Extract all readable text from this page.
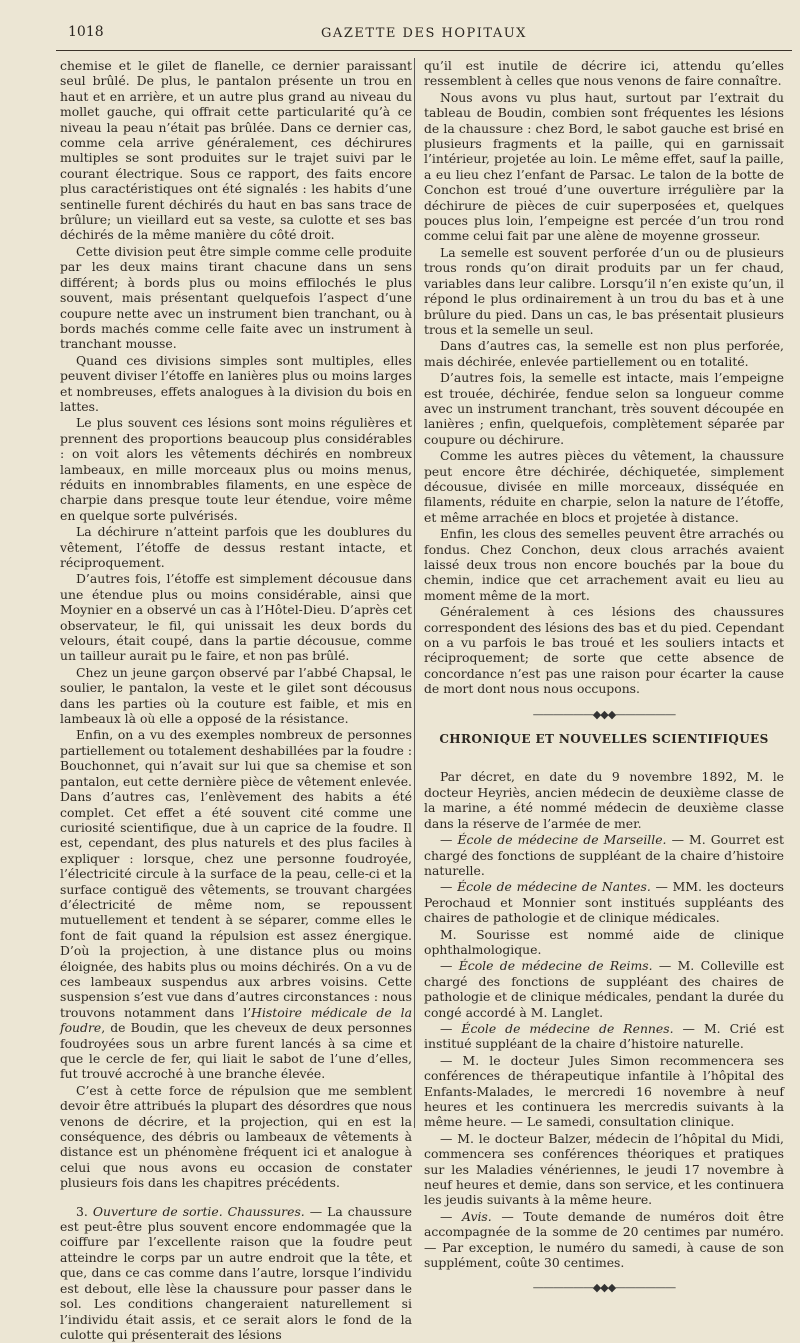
1018	GAZETTE DES HOPITAUX

chemise et le gilet de flanelle, ce dernier paraissant seul brûlé. De plus, le pantalon présente un trou en haut et en arrière, et un autre plus grand au niveau du mollet gauche, qui offrait cette particularité qu’à ce niveau la peau n’était pas brûlée. Dans ce dernier cas, comme cela arrive généralement, ces déchirures multiples se sont produites sur le trajet suivi par le courant électrique. Sous ce rapport, des faits encore plus caractéristiques ont été signalés : les habits d’une sentinelle furent déchirés du haut en bas sans trace de brûlure; un vieillard eut sa veste, sa culotte et ses bas déchirés de la même manière du côté droit.

Cette division peut être simple comme celle produite par les deux mains tirant chacune dans un sens différent; à bords plus ou moins effilochés le plus souvent, mais présentant quelquefois l’aspect d’une coupure nette avec un instrument bien tranchant, ou à bords machés comme celle faite avec un instrument à tranchant mousse.

Quand ces divisions simples sont multiples, elles peuvent diviser l’étoffe en lanières plus ou moins larges et nombreuses, effets analogues à la division du bois en lattes.

Le plus souvent ces lésions sont moins régulières et prennent des proportions beaucoup plus considérables : on voit alors les vêtements déchirés en nombreux lambeaux, en mille morceaux plus ou moins menus, réduits en innombrables filaments, en une espèce de charpie dans presque toute leur étendue, voire même en quelque sorte pulvérisés.

La déchirure n’atteint parfois que les doublures du vêtement, l’étoffe de dessus restant intacte, et réciproquement.

D’autres fois, l’étoffe est simplement décousue dans une étendue plus ou moins considérable, ainsi que Moynier en a observé un cas à l’Hôtel-Dieu. D’après cet observateur, le fil, qui unissait les deux bords du velours, était coupé, dans la partie décousue, comme un tailleur aurait pu le faire, et non pas brûlé.

Chez un jeune garçon observé par l’abbé Chapsal, le soulier, le pantalon, la veste et le gilet sont décousus dans les parties où la couture est faible, et mis en lambeaux là où elle a opposé de la résistance.

Enfin, on a vu des exemples nombreux de personnes partiellement ou totalement deshabillées par la foudre : Bouchonnet, qui n’avait sur lui que sa chemise et son pantalon, eut cette dernière pièce de vêtement enlevée. Dans d’autres cas, l’enlèvement des habits a été complet. Cet effet a été souvent cité comme une curiosité scientifique, due à un caprice de la foudre. Il est, cependant, des plus naturels et des plus faciles à expliquer : lorsque, chez une personne foudroyée, l’électricité circule à la surface de la peau, celle-ci et la surface contiguë des vêtements, se trouvant chargées d’électricité de même nom, se repoussent mutuellement et tendent à se séparer, comme elles le font de fait quand la répulsion est assez énergique. D’où la projection, à une distance plus ou moins éloignée, des habits plus ou moins déchirés. On a vu de ces lambeaux suspendus aux arbres voisins. Cette suspension s’est vue dans d’autres circonstances : nous trouvons notamment dans l’Histoire médicale de la foudre, de Boudin, que les cheveux de deux personnes foudroyées sous un arbre furent lancés à sa cime et que le cercle de fer, qui liait le sabot de l’une d’elles, fut trouvé accroché à une branche élevée.

C’est à cette force de répulsion que me semblent devoir être attribués la plupart des désordres que nous venons de décrire, et la projection, qui en est la conséquence, des débris ou lambeaux de vêtements à distance est un phénomène fréquent ici et analogue à celui que nous avons eu occasion de constater plusieurs fois dans les chapitres précédents.

3. Ouverture de sortie. Chaussures. — La chaussure est peut-être plus souvent encore endommagée que la coiffure par l’excellente raison que la foudre peut atteindre le corps par un autre endroit que la tête, et que, dans ce cas comme dans l’autre, lorsque l’individu est debout, elle lèse la chaussure pour passer dans le sol. Les conditions changeraient naturellement si l’individu était assis, et ce serait alors le fond de la culotte qui présenterait des lésions

qu’il est inutile de décrire ici, attendu qu’elles ressemblent à celles que nous venons de faire connaître.

Nous avons vu plus haut, surtout par l’extrait du tableau de Boudin, combien sont fréquentes les lésions de la chaussure : chez Bord, le sabot gauche est brisé en plusieurs fragments et la paille, qui en garnissait l’intérieur, projetée au loin. Le même effet, sauf la paille, a eu lieu chez l’enfant de Parsac. Le talon de la botte de Conchon est troué d’une ouverture irrégulière par la déchirure de pièces de cuir superposées et, quelques pouces plus loin, l’empeigne est percée d’un trou rond comme celui fait par une alène de moyenne grosseur.

La semelle est souvent perforée d’un ou de plusieurs trous ronds qu’on dirait produits par un fer chaud, variables dans leur calibre. Lorsqu’il n’en existe qu’un, il répond le plus ordinairement à un trou du bas et à une brûlure du pied. Dans un cas, le bas présentait plusieurs trous et la semelle un seul.

Dans d’autres cas, la semelle est non plus perforée, mais déchirée, enlevée partiellement ou en totalité.

D’autres fois, la semelle est intacte, mais l’empeigne est trouée, déchirée, fendue selon sa longueur comme avec un instrument tranchant, très souvent découpée en lanières ; enfin, quelquefois, complètement séparée par coupure ou déchirure.

Comme les autres pièces du vêtement, la chaussure peut encore être déchirée, déchiquetée, simplement décousue, divisée en mille morceaux, disséquée en filaments, réduite en charpie, selon la nature de l’étoffe, et même arrachée en blocs et projetée à distance.

Enfin, les clous des semelles peuvent être arrachés ou fondus. Chez Conchon, deux clous arrachés avaient laissé deux trous non encore bouchés par la boue du chemin, indice que cet arrachement avait eu lieu au moment même de la mort.

Généralement à ces lésions des chaussures correspondent des lésions des bas et du pied. Cependant on a vu parfois le bas troué et les souliers intacts et réciproquement; de sorte que cette absence de concordance n’est pas une raison pour écarter la cause de mort dont nous nous occupons.

——————◆◆◆——————
CHRONIQUE ET NOUVELLES SCIENTIFIQUES

Par décret, en date du 9 novembre 1892, M. le docteur Heyriès, ancien médecin de deuxième classe de la marine, a été nommé médecin de deuxième classe dans la réserve de l’armée de mer.

— École de médecine de Marseille. — M. Gourret est chargé des fonctions de suppléant de la chaire d’histoire naturelle.

— École de médecine de Nantes. — MM. les docteurs Perochaud et Monnier sont institués suppléants des chaires de pathologie et de clinique médicales.

M. Sourisse est nommé aide de clinique ophthalmologique.

— École de médecine de Reims. — M. Colleville est chargé des fonctions de suppléant des chaires de pathologie et de clinique médicales, pendant la durée du congé accordé à M. Langlet.

— École de médecine de Rennes. — M. Crié est institué suppléant de la chaire d’histoire naturelle.

— M. le docteur Jules Simon recommencera ses conférences de thérapeutique infantile à l’hôpital des Enfants-Malades, le mercredi 16 novembre à neuf heures et les continuera les mercredis suivants à la même heure. — Le samedi, consultation clinique.

— M. le docteur Balzer, médecin de l’hôpital du Midi, commencera ses conférences théoriques et pratiques sur les Maladies vénériennes, le jeudi 17 novembre à neuf heures et demie, dans son service, et les continuera les jeudis suivants à la même heure.

— Avis. — Toute demande de numéros doit être accompagnée de la somme de 20 centimes par numéro. — Par exception, le numéro du samedi, à cause de son supplément, coûte 30 centimes.

——————◆◆◆——————
